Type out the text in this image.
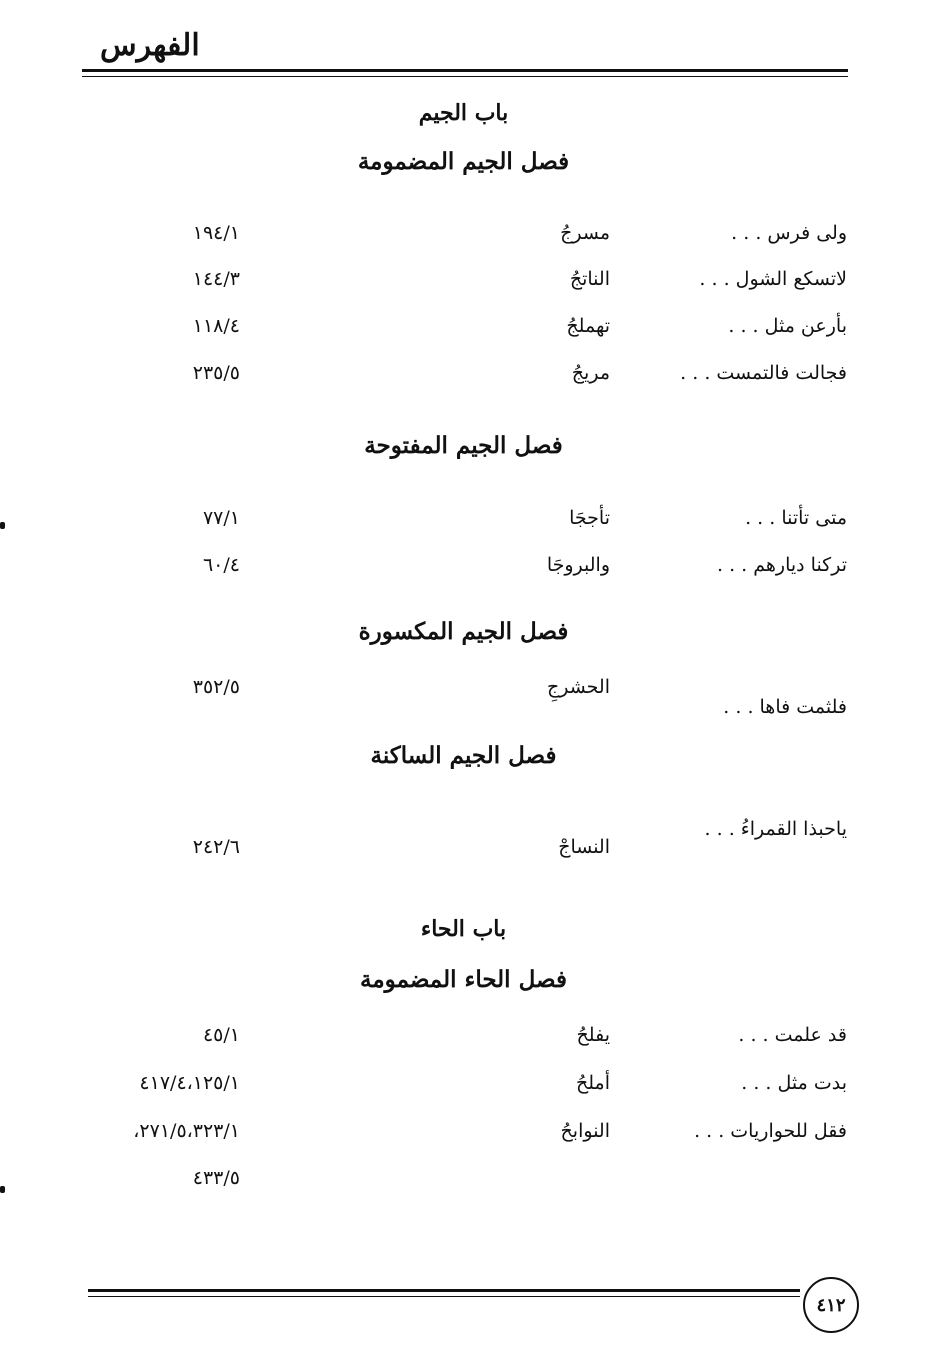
الفهرس
باب الجيم
فصل الجيم المضمومة
ولى فرس . . .
مسرجُ
١٩٤/١
لاتسكع الشول . . .
الناتجُ
١٤٤/٣
بأرعن مثل . . .
تهملجُ
١١٨/٤
فجالت فالتمست . . .
مريجُ
٢٣٥/٥
فصل الجيم المفتوحة
متى تأتنا . . .
تأججَا
٧٧/١
تركنا ديارهم . . .
والبروجَا
٦٠/٤
فصل الجيم المكسورة
فلثمت فاها . . .
الحشرجِ
٣٥٢/٥
فصل الجيم الساكنة
ياحبذا القمراءُ . . .
النساجْ
٢٤٢/٦
باب الحاء
فصل الحاء المضمومة
قد علمت . . .
يفلحُ
٤٥/١
بدت مثل . . .
أملحُ
٤١٧/٤،١٢٥/١
فقل للحواريات . . .
النوابحُ
٢٧١/٥،٣٢٣/١،
٤٣٣/٥
٤١٢
